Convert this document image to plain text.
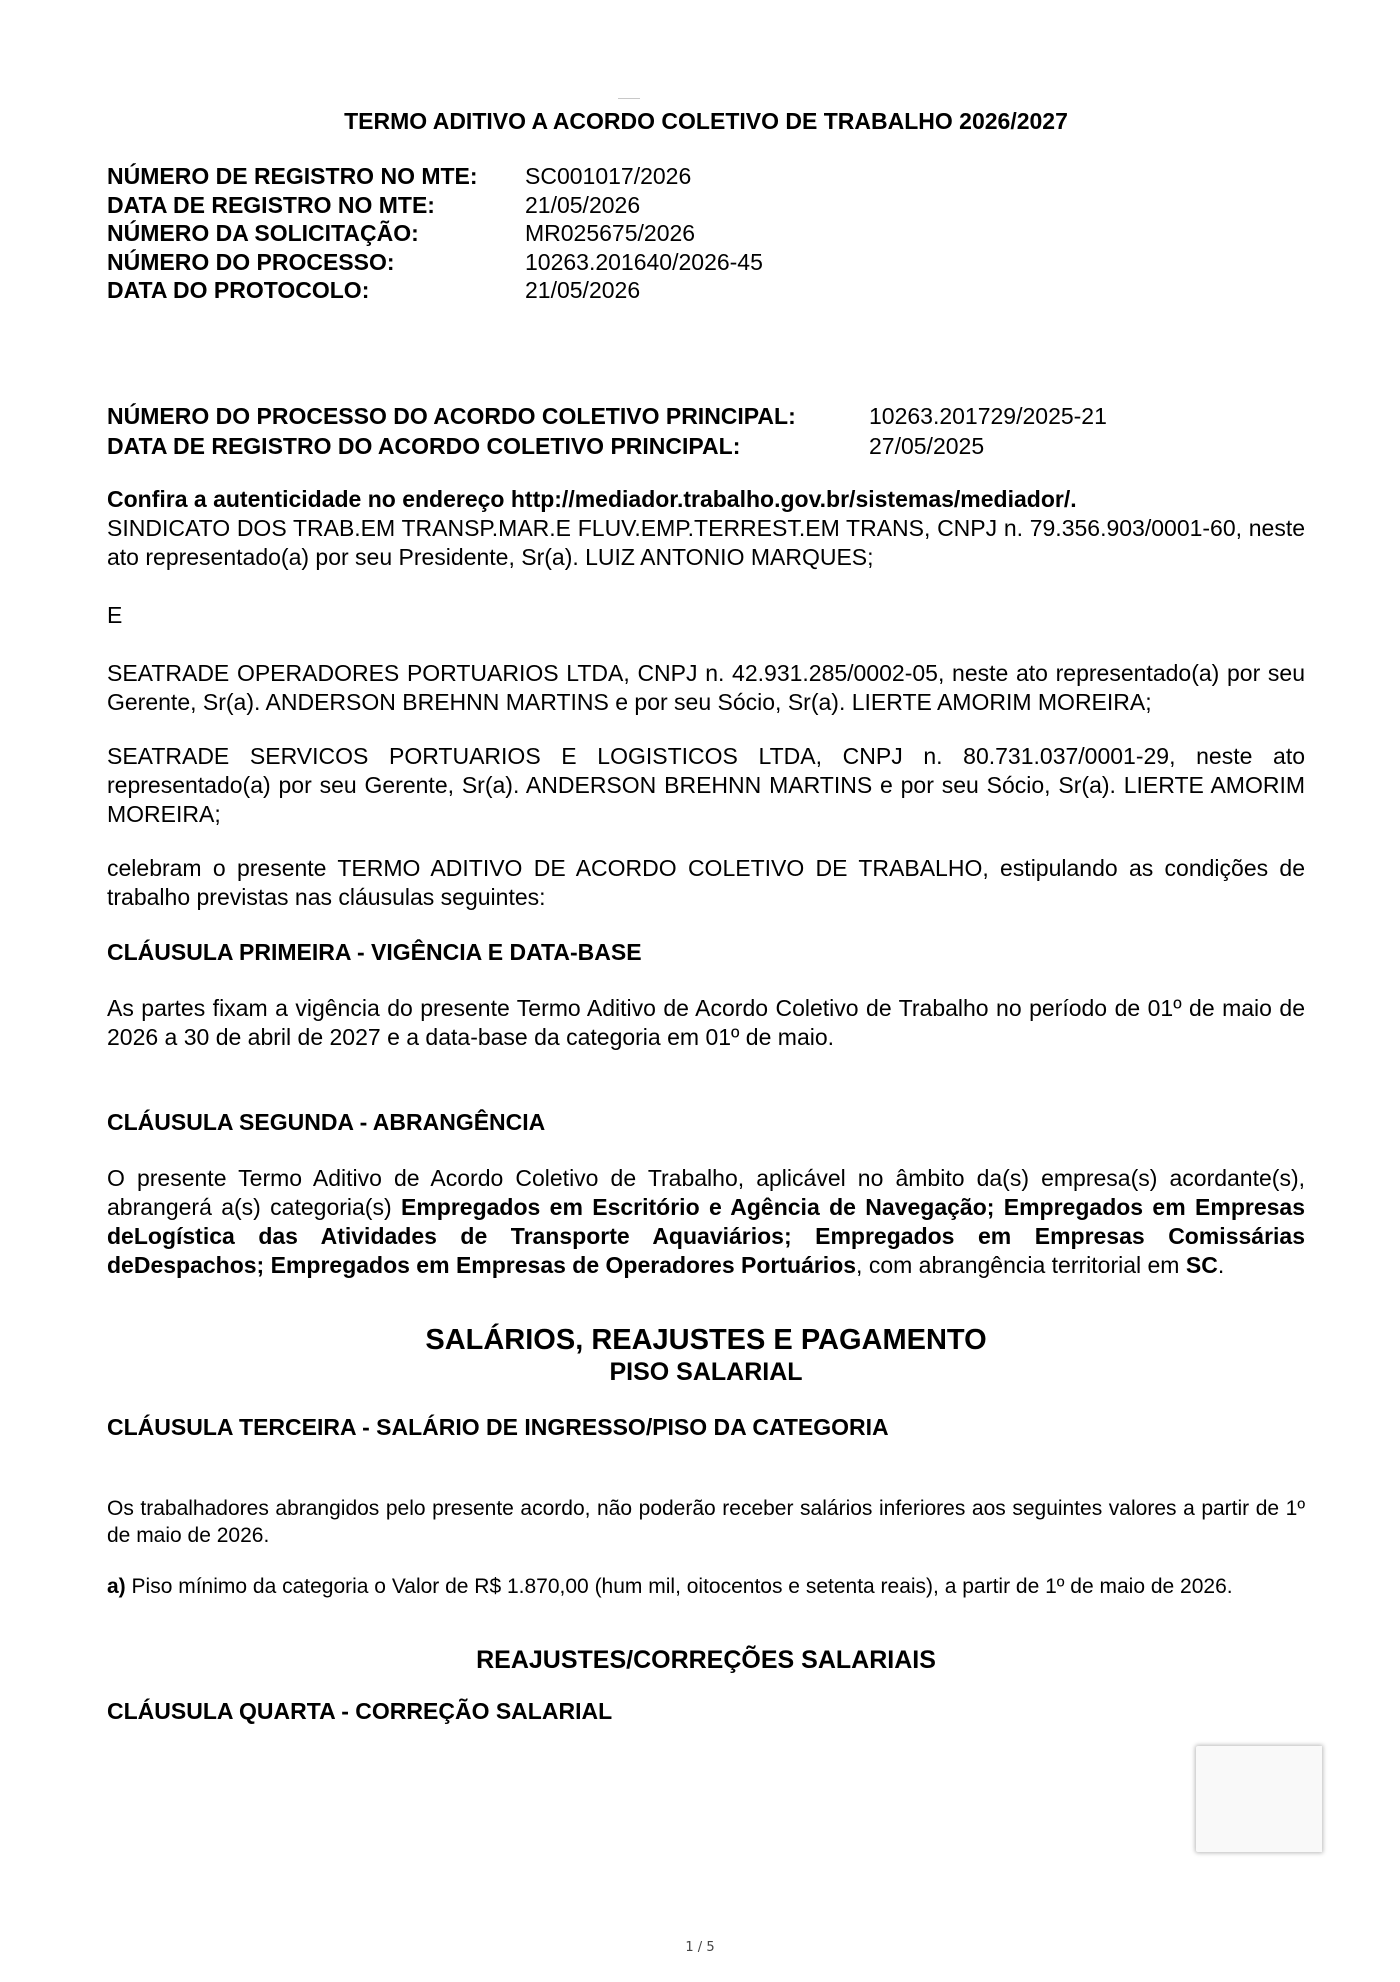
TERMO ADITIVO A ACORDO COLETIVO DE TRABALHO 2026/2027
NÚMERO DE REGISTRO NO MTE:	SC001017/2026
DATA DE REGISTRO NO MTE:	21/05/2026
NÚMERO DA SOLICITAÇÃO:	MR025675/2026
NÚMERO DO PROCESSO:	10263.201640/2026-45
DATA DO PROTOCOLO:	21/05/2026
NÚMERO DO PROCESSO DO ACORDO COLETIVO PRINCIPAL:	10263.201729/2025-21
DATA DE REGISTRO DO ACORDO COLETIVO PRINCIPAL:	27/05/2025

Confira a autenticidade no endereço http://mediador.trabalho.gov.br/sistemas/mediador/.

SINDICATO DOS TRAB.EM TRANSP.MAR.E FLUV.EMP.TERREST.EM TRANS, CNPJ n. 79.356.903/0001-60, neste ato representado(a) por seu Presidente, Sr(a). LUIZ ANTONIO MARQUES;

E

SEATRADE OPERADORES PORTUARIOS LTDA, CNPJ n. 42.931.285/0002-05, neste ato representado(a) por seu Gerente, Sr(a). ANDERSON BREHNN MARTINS e por seu Sócio, Sr(a). LIERTE AMORIM MOREIRA;

SEATRADE SERVICOS PORTUARIOS E LOGISTICOS LTDA, CNPJ n. 80.731.037/0001-29, neste ato representado(a) por seu Gerente, Sr(a). ANDERSON BREHNN MARTINS e por seu Sócio, Sr(a). LIERTE AMORIM MOREIRA;

celebram o presente TERMO ADITIVO DE ACORDO COLETIVO DE TRABALHO, estipulando as condições de trabalho previstas nas cláusulas seguintes:

CLÁUSULA PRIMEIRA - VIGÊNCIA E DATA-BASE

As partes fixam a vigência do presente Termo Aditivo de Acordo Coletivo de Trabalho no período de 01º de maio de 2026 a 30 de abril de 2027 e a data-base da categoria em 01º de maio.

CLÁUSULA SEGUNDA - ABRANGÊNCIA

O presente Termo Aditivo de Acordo Coletivo de Trabalho, aplicável no âmbito da(s) empresa(s) acordante(s), abrangerá a(s) categoria(s) Empregados em Escritório e Agência de Navegação; Empregados em Empresas deLogística das Atividades de Transporte Aquaviários; Empregados em Empresas Comissárias deDespachos; Empregados em Empresas de Operadores Portuários, com abrangência territorial em SC.

SALÁRIOS, REAJUSTES E PAGAMENTO
PISO SALARIAL

CLÁUSULA TERCEIRA - SALÁRIO DE INGRESSO/PISO DA CATEGORIA

Os trabalhadores abrangidos pelo presente acordo, não poderão receber salários inferiores aos seguintes valores a partir de 1º de maio de 2026.

a) Piso mínimo da categoria o Valor de R$ 1.870,00 (hum mil, oitocentos e setenta reais), a partir de 1º de maio de 2026.

REAJUSTES/CORREÇÕES SALARIAIS

CLÁUSULA QUARTA - CORREÇÃO SALARIAL

1 / 5
